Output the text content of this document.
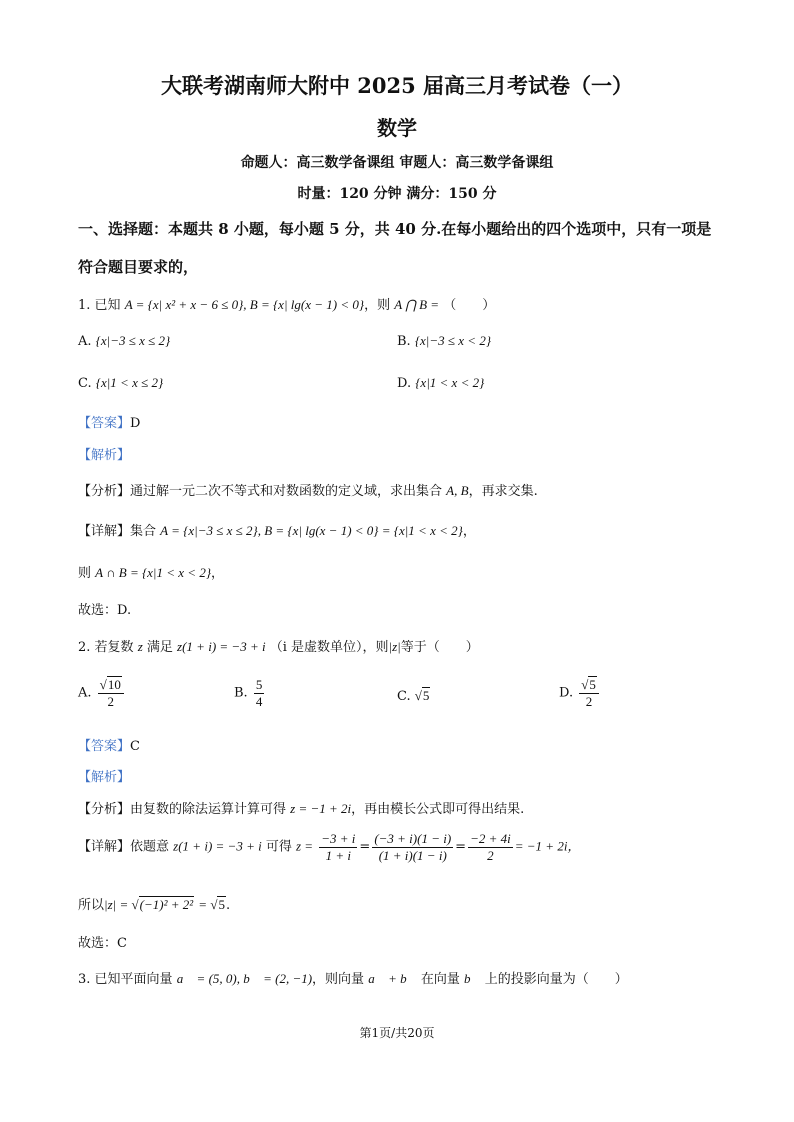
大联考湖南师大附中 2025 届高三月考试卷（一）
数学
命题人：高三数学备课组 审题人：高三数学备课组
时量：120 分钟 满分：150 分
一、选择题：本题共 8 小题，每小题 5 分，共 40 分.在每小题给出的四个选项中，只有一项是
符合题目要求的，
1. 已知 A = {x| x² + x − 6 ≤ 0}, B = {x| lg(x − 1) < 0}，则 A ⋂ B = （　　）
A. {x|−3 ≤ x ≤ 2}	B. {x|−3 ≤ x < 2}
C. {x|1 < x ≤ 2}	D. {x|1 < x < 2}
【答案】D
【解析】
【分析】通过解一元二次不等式和对数函数的定义域，求出集合 A, B，再求交集.
【详解】集合 A = {x|−3 ≤ x ≤ 2}, B = {x| lg(x − 1) < 0} = {x|1 < x < 2}，
则 A ∩ B = {x|1 < x < 2}，
故选：D.
2. 若复数 z 满足 z(1 + i) = −3 + i （i 是虚数单位），则|z|等于（　　）
A. $\frac{√10}{2}$	B. $\frac{5}{4}$	C. √5	D. $\frac{√5}{2}$
【答案】C
【解析】
【分析】由复数的除法运算计算可得 z = −1 + 2i，再由模长公式即可得出结果.
【详解】依题意 z(1 + i) = −3 + i 可得 $z = \frac{-3 + i}{1 + i} = \frac{(-3 + i)(1 - i)}{(1 + i)(1 - i)} = \frac{-2 + 4i}{2} = -1 + 2i$，
所以|z| = √(−1)² + 2² = √5.
故选：C
3. 已知平面向量 a⃗ = (5, 0), b⃗ = (2, −1)，则向量 a⃗ + b⃗ 在向量 b⃗ 上的投影向量为（　　）
第1页/共20页
